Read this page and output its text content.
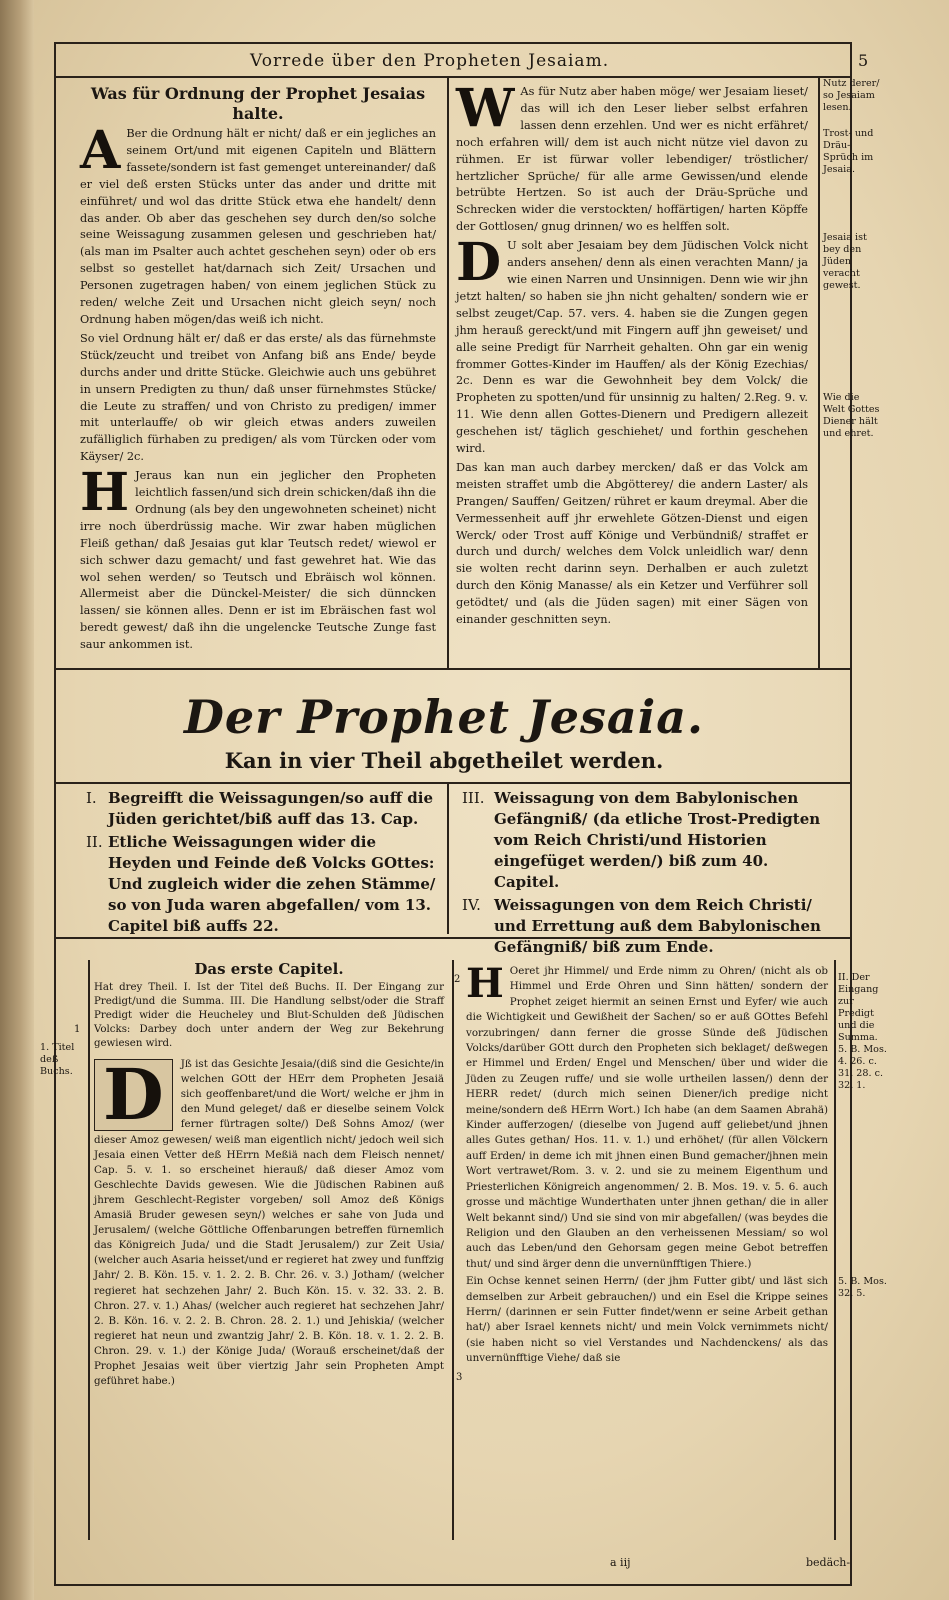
Vorrede über den Propheten Jesaiam.	5
Was für Ordnung der Prophet Jesaias halte.

A Ber die Ordnung hält er nicht/ daß er ein jegliches an seinem Ort/und mit eigenen Capiteln und Blättern fassete/sondern ist fast gemenget untereinander/ daß er viel deß ersten Stücks unter das ander und dritte mit einführet/ und wol das dritte Stück etwa ehe handelt/ denn das ander. Ob aber das geschehen sey durch den/so solche seine Weissagung zusammen gelesen und geschrieben hat/ (als man im Psalter auch achtet geschehen seyn) oder ob ers selbst so gestellet hat/darnach sich Zeit/ Ursachen und Personen zugetragen haben/ von einem jeglichen Stück zu reden/ welche Zeit und Ursachen nicht gleich seyn/ noch Ordnung haben mögen/das weiß ich nicht.

So viel Ordnung hält er/ daß er das erste/ als das fürnehmste Stück/zeucht und treibet von Anfang biß ans Ende/ beyde durchs ander und dritte Stücke. Gleichwie auch uns gebühret in unsern Predigten zu thun/ daß unser fürnehmstes Stücke/ die Leute zu straffen/ und von Christo zu predigen/ immer mit unterlauffe/ ob wir gleich etwas anders zuweilen zufälliglich fürhaben zu predigen/ als vom Türcken oder vom Käyser/ 2c.

H Jeraus kan nun ein jeglicher den Propheten leichtlich fassen/und sich drein schicken/daß ihn die Ordnung (als bey den ungewohneten scheinet) nicht irre noch überdrüssig mache. Wir zwar haben müglichen Fleiß gethan/ daß Jesaias gut klar Teutsch redet/ wiewol er sich schwer dazu gemacht/ und fast gewehret hat. Wie das wol sehen werden/ so Teutsch und Ebräisch wol können. Allermeist aber die Dünckel-Meister/ die sich dünncken lassen/ sie können alles. Denn er ist im Ebräischen fast wol beredt gewest/ daß ihn die ungelencke Teutsche Zunge fast saur ankommen ist.

W As für Nutz aber haben möge/ wer Jesaiam lieset/ das will ich den Leser lieber selbst erfahren lassen denn erzehlen. Und wer es nicht erfähret/ noch erfahren will/ dem ist auch nicht nütze viel davon zu rühmen. Er ist fürwar voller lebendiger/ tröstlicher/ hertzlicher Sprüche/ für alle arme Gewissen/und elende betrübte Hertzen. So ist auch der Dräu-Sprüche und Schrecken wider die verstockten/ hoffärtigen/ harten Köpffe der Gottlosen/ gnug drinnen/ wo es helffen solt.

D U solt aber Jesaiam bey dem Jüdischen Volck nicht anders ansehen/ denn als einen verachten Mann/ ja wie einen Narren und Unsinnigen. Denn wie wir jhn jetzt halten/ so haben sie jhn nicht gehalten/ sondern wie er selbst zeuget/Cap. 57. vers. 4. haben sie die Zungen gegen jhm herauß gereckt/und mit Fingern auff jhn geweiset/ und alle seine Predigt für Narrheit gehalten. Ohn gar ein wenig frommer Gottes-Kinder im Hauffen/ als der König Ezechias/ 2c. Denn es war die Gewohnheit bey dem Volck/ die Propheten zu spotten/und für unsinnig zu halten/ 2.Reg. 9. v. 11. Wie denn allen Gottes-Dienern und Predigern allezeit geschehen ist/ täglich geschiehet/ und forthin geschehen wird.

Das kan man auch darbey mercken/ daß er das Volck am meisten straffet umb die Abgötterey/ die andern Laster/ als Prangen/ Sauffen/ Geitzen/ rühret er kaum dreymal. Aber die Vermessenheit auff jhr erwehlete Götzen-Dienst und eigen Werck/ oder Trost auff Könige und Verbündniß/ straffet er durch und durch/ welches dem Volck unleidlich war/ denn sie wolten recht darinn seyn. Derhalben er auch zuletzt durch den König Manasse/ als ein Ketzer und Verführer soll getödtet/ und (als die Jüden sagen) mit einer Sägen von einander geschnitten seyn.

Nutz derer/ so Jesaiam lesen.
Trost- und Dräu-Sprüch im Jesaia.
Jesaia ist bey den Jüden veracht gewest.
Wie die Welt Gottes Diener hält und ehret.
Der Prophet Jesaia.
Kan in vier Theil abgetheilet werden.
I. Begreifft die Weissagungen/so auff die Jüden gerichtet/biß auff das 13. Cap.
II. Etliche Weissagungen wider die Heyden und Feinde deß Volcks GOttes: Und zugleich wider die zehen Stämme/ so von Juda waren abgefallen/ vom 13. Capitel biß auffs 22.
III. Weissagung von dem Babylonischen Gefängniß/ (da etliche Trost-Predigten vom Reich Christi/und Historien eingefüget werden/) biß zum 40. Capitel.
IV. Weissagungen von dem Reich Christi/ und Errettung auß dem Babylonischen Gefängniß/ biß zum Ende.
Das erste Capitel.
Hat drey Theil. I. Ist der Titel deß Buchs. II. Der Eingang zur Predigt/und die Summa. III. Die Handlung selbst/oder die Straff Predigt wider die Heucheley und Blut-Schulden deß Jüdischen Volcks: Darbey doch unter andern der Weg zur Bekehrung gewiesen wird.

D	Jß ist das Gesichte Jesaia/(diß sind die Gesichte/in welchen GOtt der HErr dem Propheten Jesaiä sich geoffenbaret/und die Wort/ welche er jhm in den Mund geleget/ daß er dieselbe seinem Volck ferner fürtragen solte/) Deß Sohns Amoz/ (wer dieser Amoz gewesen/ weiß man eigentlich nicht/ jedoch weil sich Jesaia einen Vetter deß HErrn Meßiä nach dem Fleisch nennet/ Cap. 5. v. 1. so erscheinet hierauß/ daß dieser Amoz vom Geschlechte Davids gewesen. Wie die Jüdischen Rabinen auß jhrem Geschlecht-Register vorgeben/ soll Amoz deß Königs Amasiä Bruder gewesen seyn/) welches er sahe von Juda und Jerusalem/ (welche Göttliche Offenbarungen betreffen fürnemlich das Königreich Juda/ und die Stadt Jerusalem/) zur Zeit Usia/ (welcher auch Asaria heisset/und er regieret hat zwey und funffzig Jahr/ 2. B. Kön. 15. v. 1. 2. 2. B. Chr. 26. v. 3.) Jotham/ (welcher regieret hat sechzehen Jahr/ 2. Buch Kön. 15. v. 32. 33. 2. B. Chron. 27. v. 1.) Ahas/ (welcher auch regieret hat sechzehen Jahr/ 2. B. Kön. 16. v. 2. 2. B. Chron. 28. 2. 1.) und Jehiskia/ (welcher regieret hat neun und zwantzig Jahr/ 2. B. Kön. 18. v. 1. 2. 2. B. Chron. 29. v. 1.) der Könige Juda/ (Worauß erscheinet/daß der Prophet Jesaias weit über viertzig Jahr sein Propheten Ampt geführet habe.)

1. Titel deß Buchs.
1
2 H Oeret jhr Himmel/ und Erde nimm zu Ohren/ (nicht als ob Himmel und Erde Ohren und Sinn hätten/ sondern der Prophet zeiget hiermit an seinen Ernst und Eyfer/ wie auch die Wichtigkeit und Gewißheit der Sachen/ so er auß GOttes Befehl vorzubringen/ dann ferner die grosse Sünde deß Jüdischen Volcks/darüber GOtt durch den Propheten sich beklaget/ deßwegen er Himmel und Erden/ Engel und Menschen/ über und wider die Jüden zu Zeugen ruffe/ und sie wolle urtheilen lassen/) denn der HERR redet/ (durch mich seinen Diener/ich predige nicht meine/sondern deß HErrn Wort.) Ich habe (an dem Saamen Abrahä) Kinder aufferzogen/ (dieselbe von Jugend auff geliebet/und jhnen alles Gutes gethan/ Hos. 11. v. 1.) und erhöhet/ (für allen Völckern auff Erden/ in deme ich mit jhnen einen Bund gemacher/jhnen mein Wort vertrawet/Rom. 3. v. 2. und sie zu meinem Eigenthum und Priesterlichen Königreich angenommen/ 2. B. Mos. 19. v. 5. 6. auch grosse und mächtige Wunderthaten unter jhnen gethan/ die in aller Welt bekannt sind/) Und sie sind von mir abgefallen/ (was beydes die Religion und den Glauben an den verheissenen Messiam/ so wol auch das Leben/und den Gehorsam gegen meine Gebot betreffen thut/ und sind ärger denn die unvernünfftigen Thiere.)

Ein Ochse kennet seinen Herrn/ (der jhm Futter gibt/ und läst sich demselben zur Arbeit gebrauchen/) und ein Esel die Krippe seines Herrn/ (darinnen er sein Futter findet/wenn er seine Arbeit gethan hat/) aber Israel kennets nicht/ und mein Volck vernimmets nicht/ (sie haben nicht so viel Verstandes und Nachdenckens/ als das unvernünfftige Viehe/ daß sie

3
II. Der Eingang zur Predigt und die Summa. 5. B. Mos. 4. 26. c. 31. 28. c. 32. 1.
5. B. Mos. 32. 5.
a iij	bedäch-
